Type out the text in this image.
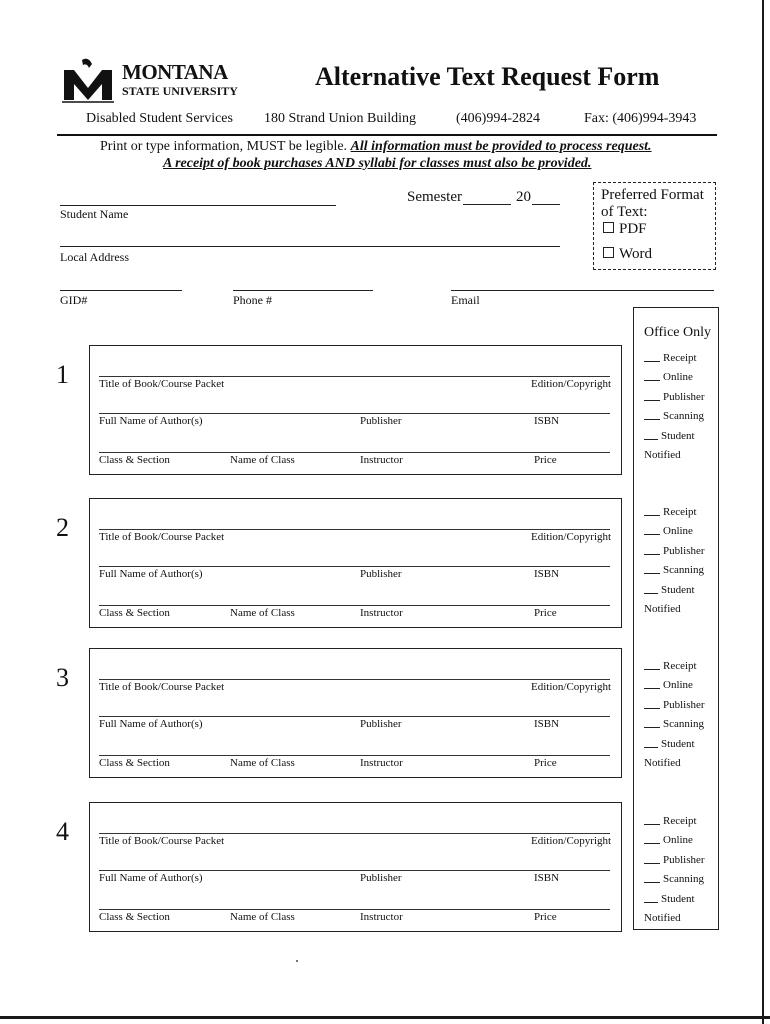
MONTANA
STATE UNIVERSITY	Alternative Text Request Form
Disabled Student Services 180 Strand Union Building	(406)994-2824	Fax: (406)994-3943
Print or type information, MUST be legible. All information must be provided to process request.
A receipt of book purchases AND syllabi for classes must also be provided.
Student Name
Semester	20
Local Address
GID#	Phone #	Email
Preferred Format
of Text:
PDF
Word
Office Only
Receipt
Online
Publisher
Scanning
Student
Notified
Receipt
Online
Publisher
Scanning
Student
Notified
Receipt
Online
Publisher
Scanning
Student
Notified
Receipt
Online
Publisher
Scanning
Student
Notified
1	Title of Book/Course Packet	Edition/Copyright
Full Name of Author(s)	Publisher	ISBN
Class & Section	Name of Class	Instructor	Price
2	Title of Book/Course Packet	Edition/Copyright
Full Name of Author(s)	Publisher	ISBN
Class & Section	Name of Class	Instructor	Price
3	Title of Book/Course Packet	Edition/Copyright
Full Name of Author(s)	Publisher	ISBN
Class & Section	Name of Class	Instructor	Price
4	Title of Book/Course Packet	Edition/Copyright
Full Name of Author(s)	Publisher	ISBN
Class & Section	Name of Class	Instructor	Price
